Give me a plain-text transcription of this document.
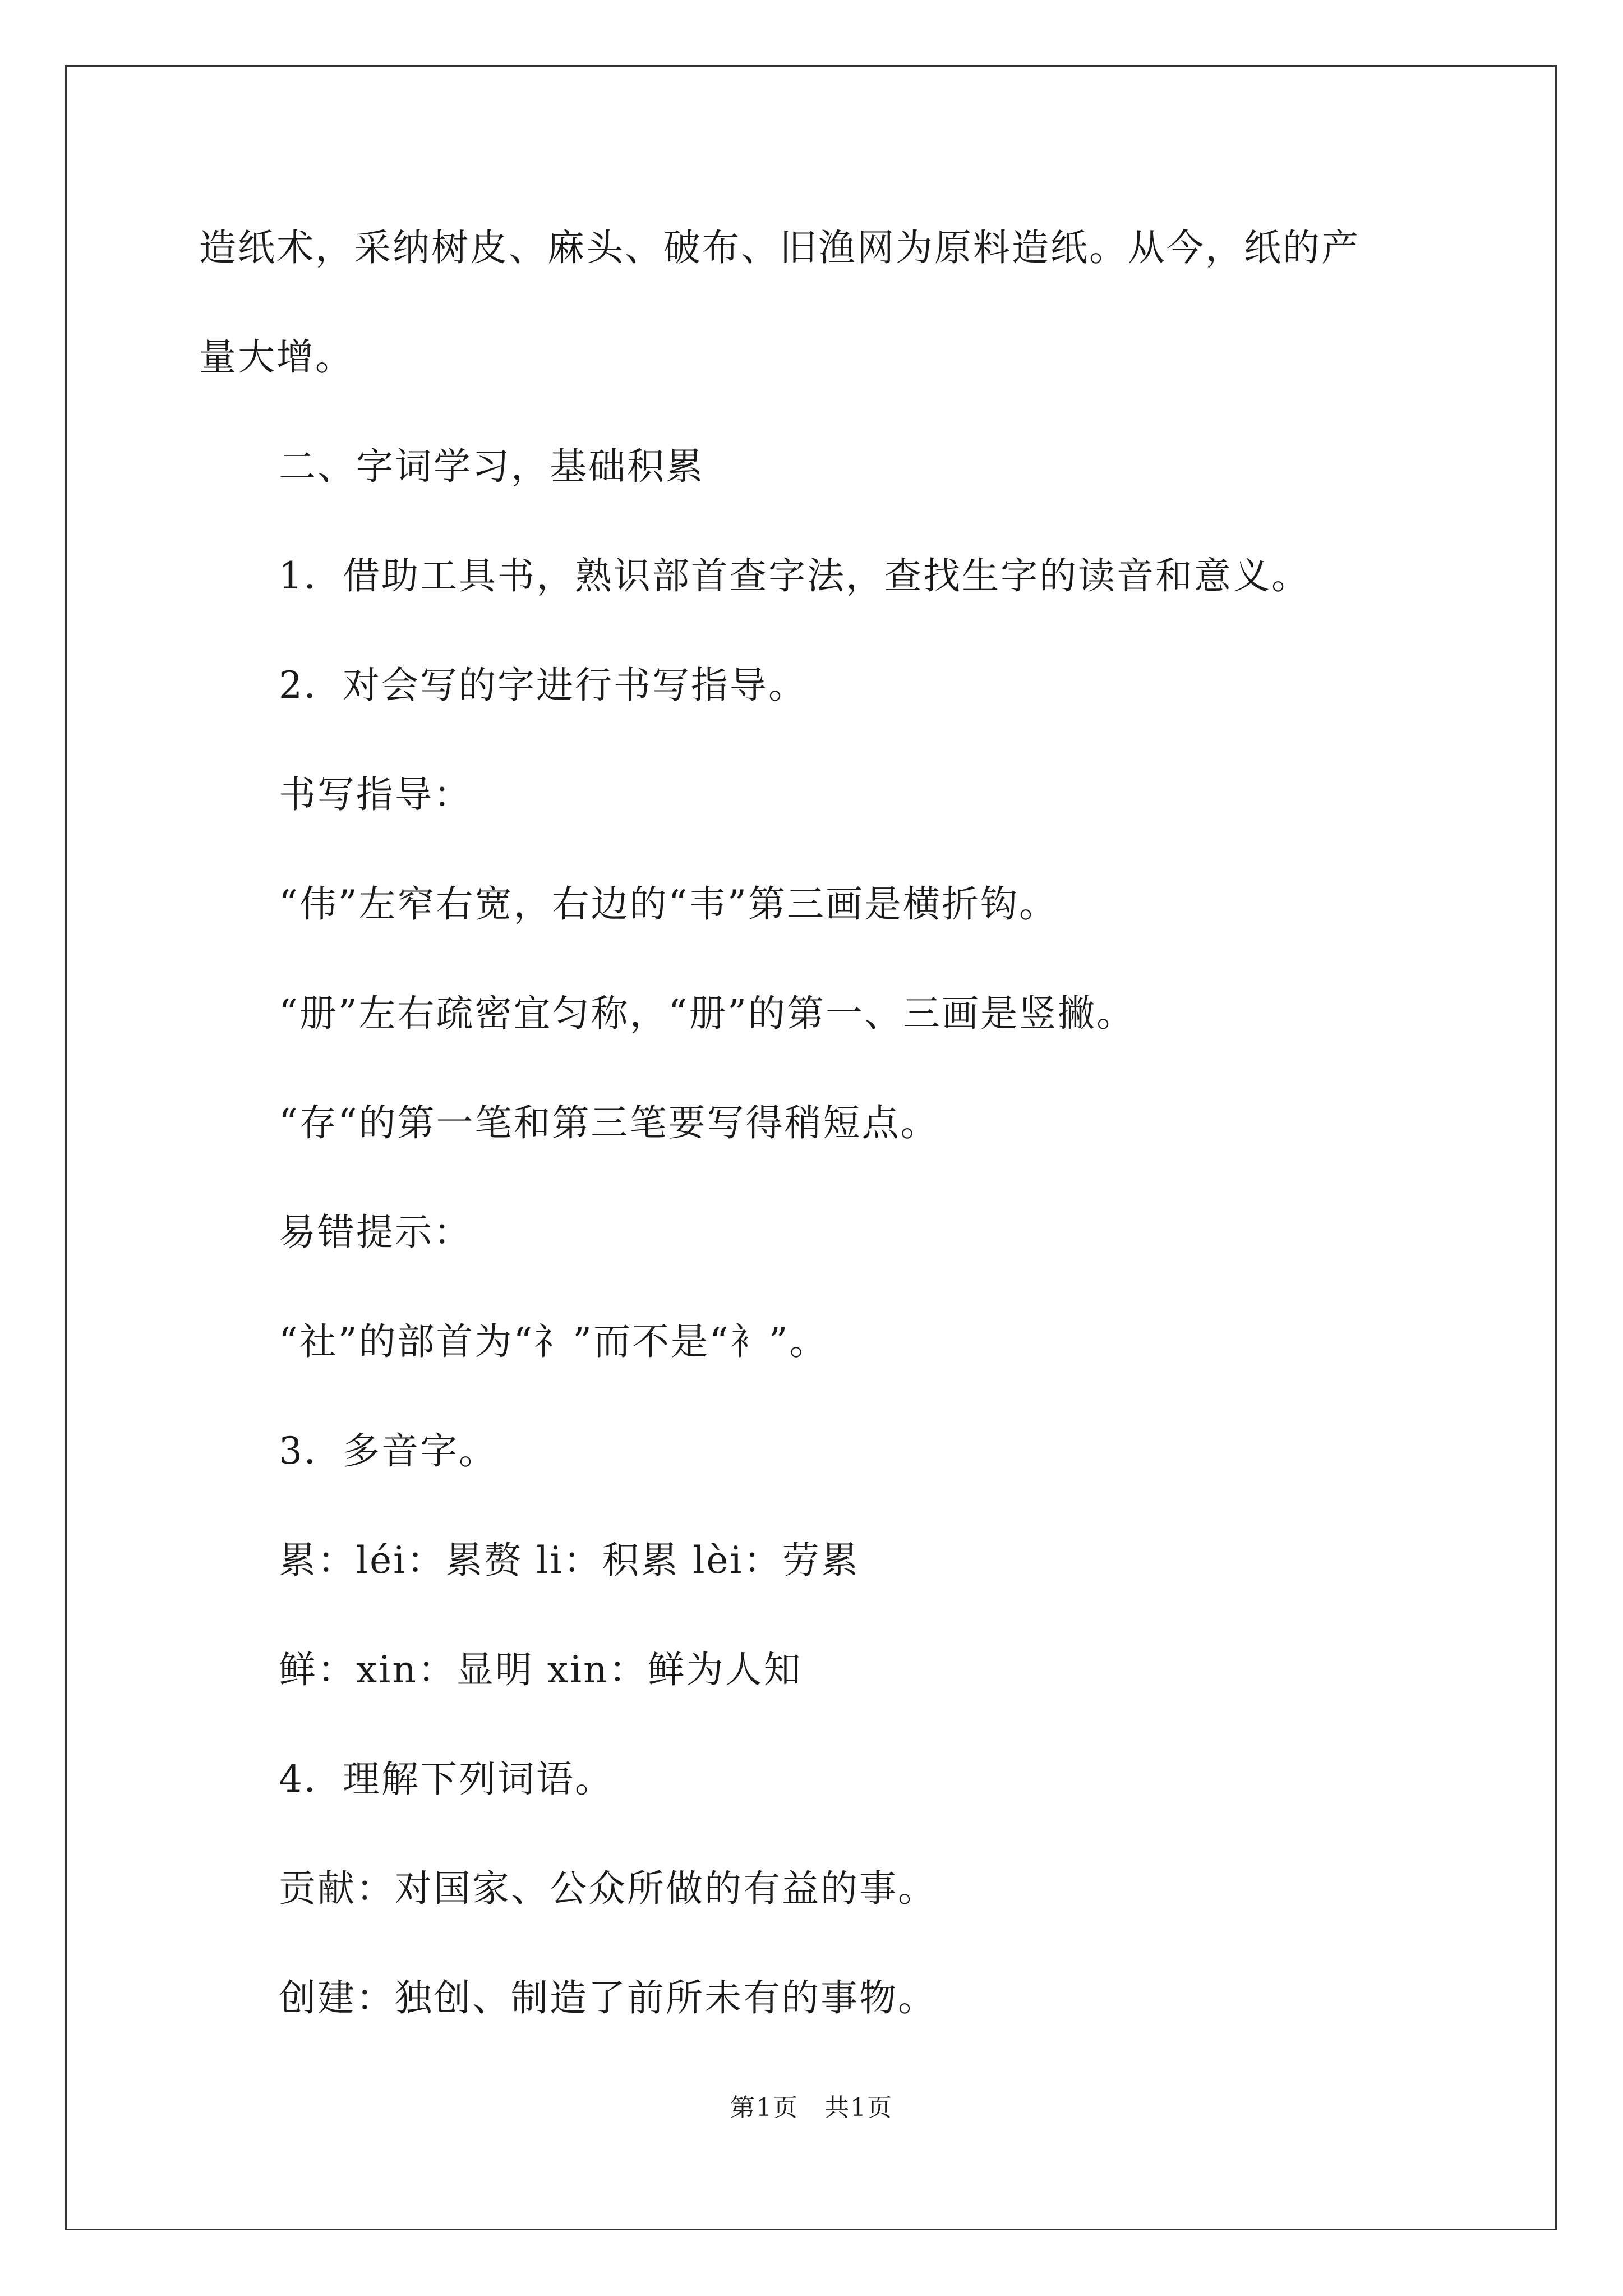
造纸术，采纳树皮、麻头、破布、旧渔网为原料造纸。从今，纸的产
量大增。
二、字词学习，基础积累
1．借助工具书，熟识部首查字法，查找生字的读音和意义。
2．对会写的字进行书写指导。
书写指导：
“伟”左窄右宽，右边的“韦”第三画是横折钩。
“册”左右疏密宜匀称，“册”的第一、三画是竖撇。
“存“的第一笔和第三笔要写得稍短点。
易错提示：
“社”的部首为“礻”而不是“衤”。
3．多音字。
累：léi：累赘 li：积累 lèi：劳累
鲜：xin：显明 xin：鲜为人知
4．理解下列词语。
贡献：对国家、公众所做的有益的事。
创建：独创、制造了前所未有的事物。
第1页　共1页
